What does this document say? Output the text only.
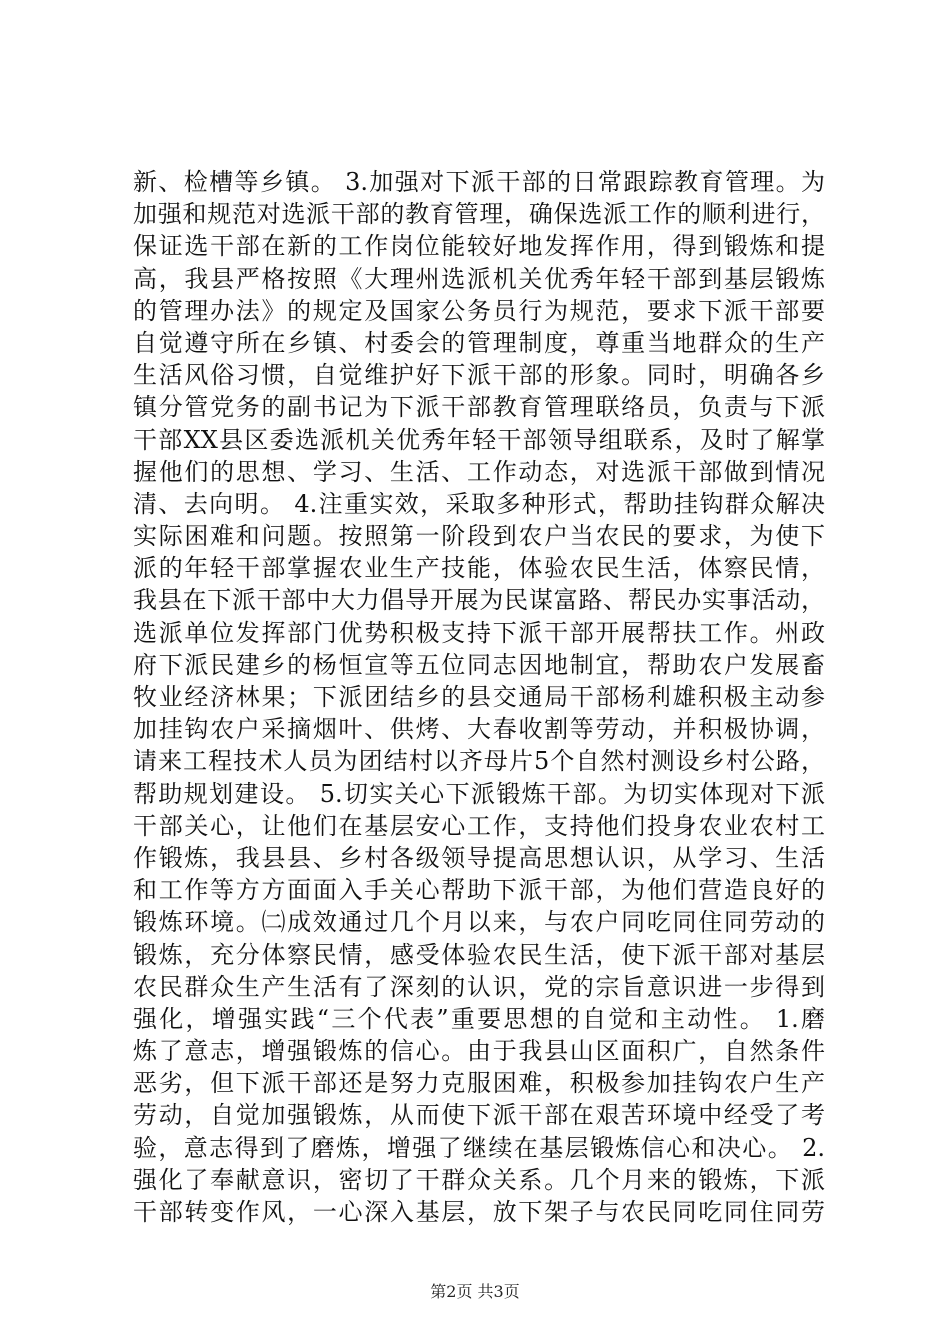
新、检槽等乡镇。 3.加强对下派干部的日常跟踪教育管理。为
加强和规范对选派干部的教育管理，确保选派工作的顺利进行，
保证选干部在新的工作岗位能较好地发挥作用，得到锻炼和提
高，我县严格按照《大理州选派机关优秀年轻干部到基层锻炼
的管理办法》的规定及国家公务员行为规范，要求下派干部要
自觉遵守所在乡镇、村委会的管理制度，尊重当地群众的生产
生活风俗习惯，自觉维护好下派干部的形象。同时，明确各乡
镇分管党务的副书记为下派干部教育管理联络员，负责与下派
干部XX县区委选派机关优秀年轻干部领导组联系，及时了解掌
握他们的思想、学习、生活、工作动态，对选派干部做到情况
清、去向明。 4.注重实效，采取多种形式，帮助挂钩群众解决
实际困难和问题。按照第一阶段到农户当农民的要求，为使下
派的年轻干部掌握农业生产技能，体验农民生活，体察民情，
我县在下派干部中大力倡导开展为民谋富路、帮民办实事活动，
选派单位发挥部门优势积极支持下派干部开展帮扶工作。州政
府下派民建乡的杨恒宣等五位同志因地制宜，帮助农户发展畜
牧业经济林果；下派团结乡的县交通局干部杨利雄积极主动参
加挂钩农户采摘烟叶、供烤、大春收割等劳动，并积极协调，
请来工程技术人员为团结村以齐母片5个自然村测设乡村公路，
帮助规划建设。 5.切实关心下派锻炼干部。为切实体现对下派
干部关心，让他们在基层安心工作，支持他们投身农业农村工
作锻炼，我县县、乡村各级领导提高思想认识，从学习、生活
和工作等方方面面入手关心帮助下派干部，为他们营造良好的
锻炼环境。㈡成效通过几个月以来，与农户同吃同住同劳动的
锻炼，充分体察民情，感受体验农民生活，使下派干部对基层
农民群众生产生活有了深刻的认识，党的宗旨意识进一步得到
强化，增强实践“三个代表”重要思想的自觉和主动性。 1.磨
炼了意志，增强锻炼的信心。由于我县山区面积广，自然条件
恶劣，但下派干部还是努力克服困难，积极参加挂钩农户生产
劳动，自觉加强锻炼，从而使下派干部在艰苦环境中经受了考
验，意志得到了磨炼，增强了继续在基层锻炼信心和决心。 2.
强化了奉献意识，密切了干群众关系。几个月来的锻炼，下派
干部转变作风，一心深入基层，放下架子与农民同吃同住同劳
第2页 共3页
